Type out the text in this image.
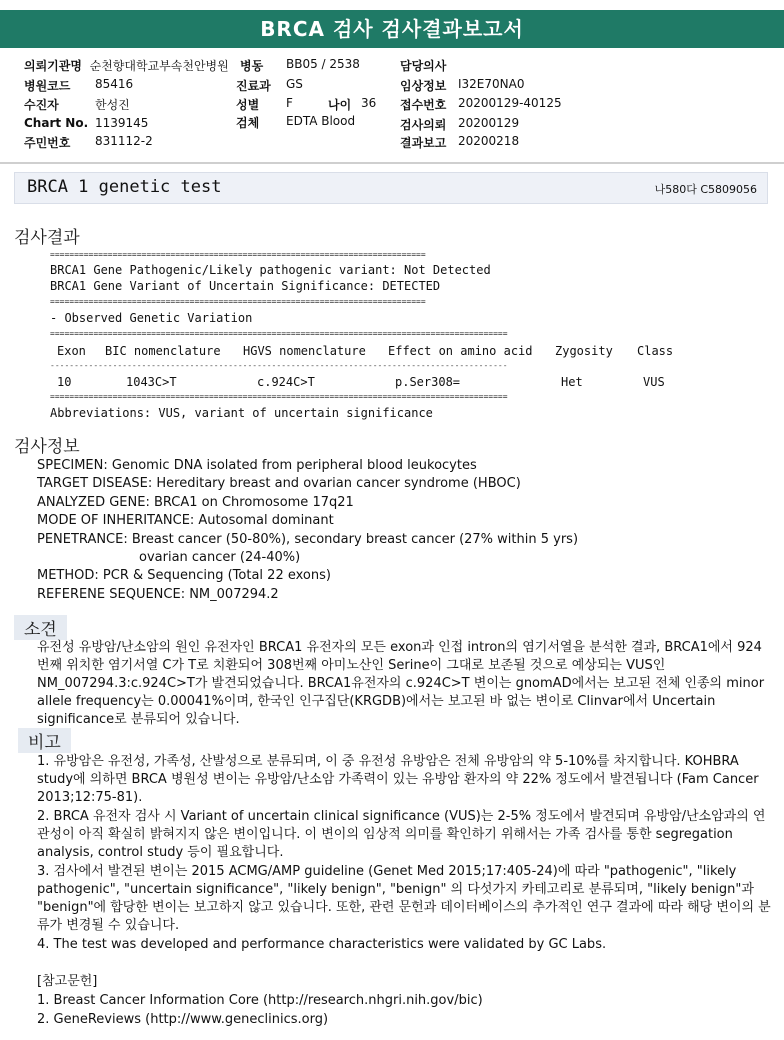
BRCA 검사 검사결과보고서
의뢰기관명 순천향대학교부속천안병원 병동 BB05 / 2538	담당의사
병원코드 85416	진료과 GS	임상정보 I32E70NA0
수진자	한성진	성별 F	나이 36 접수번호 20200129-40125
Chart No. 1139145	검체 EDTA Blood	검사의뢰 20200129
주민번호 831112-2	결과보고 20200218
BRCA 1 genetic test	나580다 C5809056
검사결과
==============================================================================
BRCA1 Gene Pathogenic/Likely pathogenic variant: Not Detected
BRCA1 Gene Variant of Uncertain Significance: DETECTED
==============================================================================
- Observed Genetic Variation
===============================================================================================
Exon BIC nomenclature HGVS nomenclature Effect on amino acid Zygosity Class
-----------------------------------------------------------------------------------------------
10	1043C>T	c.924C>T	p.Ser308=	Het	VUS
===============================================================================================
Abbreviations: VUS, variant of uncertain significance
검사정보
SPECIMEN: Genomic DNA isolated from peripheral blood leukocytes
TARGET DISEASE: Hereditary breast and ovarian cancer syndrome (HBOC)
ANALYZED GENE: BRCA1 on Chromosome 17q21
MODE OF INHERITANCE: Autosomal dominant
PENETRANCE: Breast cancer (50-80%), secondary breast cancer (27% within 5 yrs)
ovarian cancer (24-40%)
METHOD: PCR & Sequencing (Total 22 exons)
REFERENE SEQUENCE: NM_007294.2
소견
유전성 유방암/난소암의 원인 유전자인 BRCA1 유전자의 모든 exon과 인접 intron의 염기서열을 분석한 결과, BRCA1에서 924번째 위치한 염기서열 C가 T로 치환되어 308번째 아미노산인 Serine이 그대로 보존될 것으로 예상되는 VUS인 NM_007294.3:c.924C>T가 발견되었습니다. BRCA1유전자의 c.924C>T 변이는 gnomAD에서는 보고된 전체 인종의 minor allele frequency는 0.00041%이며, 한국인 인구집단(KRGDB)에서는 보고된 바 없는 변이로 Clinvar에서 Uncertain significance로 분류되어 있습니다.
비고
1. 유방암은 유전성, 가족성, 산발성으로 분류되며, 이 중 유전성 유방암은 전체 유방암의 약 5-10%를 차지합니다. KOHBRA study에 의하면 BRCA 병원성 변이는 유방암/난소암 가족력이 있는 유방암 환자의 약 22% 정도에서 발견됩니다 (Fam Cancer 2013;12:75-81).
2. BRCA 유전자 검사 시 Variant of uncertain clinical significance (VUS)는 2-5% 정도에서 발견되며 유방암/난소암과의 연관성이 아직 확실히 밝혀지지 않은 변이입니다. 이 변이의 임상적 의미를 확인하기 위해서는 가족 검사를 통한 segregation analysis, control study 등이 필요합니다.
3. 검사에서 발견된 변이는 2015 ACMG/AMP guideline (Genet Med 2015;17:405-24)에 따라 "pathogenic", "likely pathogenic", "uncertain significance", "likely benign", "benign" 의 다섯가지 카테고리로 분류되며, "likely benign"과 "benign"에 합당한 변이는 보고하지 않고 있습니다. 또한, 관련 문헌과 데이터베이스의 추가적인 연구 결과에 따라 해당 변이의 분류가 변경될 수 있습니다.
4. The test was developed and performance characteristics were validated by GC Labs.
[참고문헌]
1. Breast Cancer Information Core (http://research.nhgri.nih.gov/bic)
2. GeneReviews (http://www.geneclinics.org)
